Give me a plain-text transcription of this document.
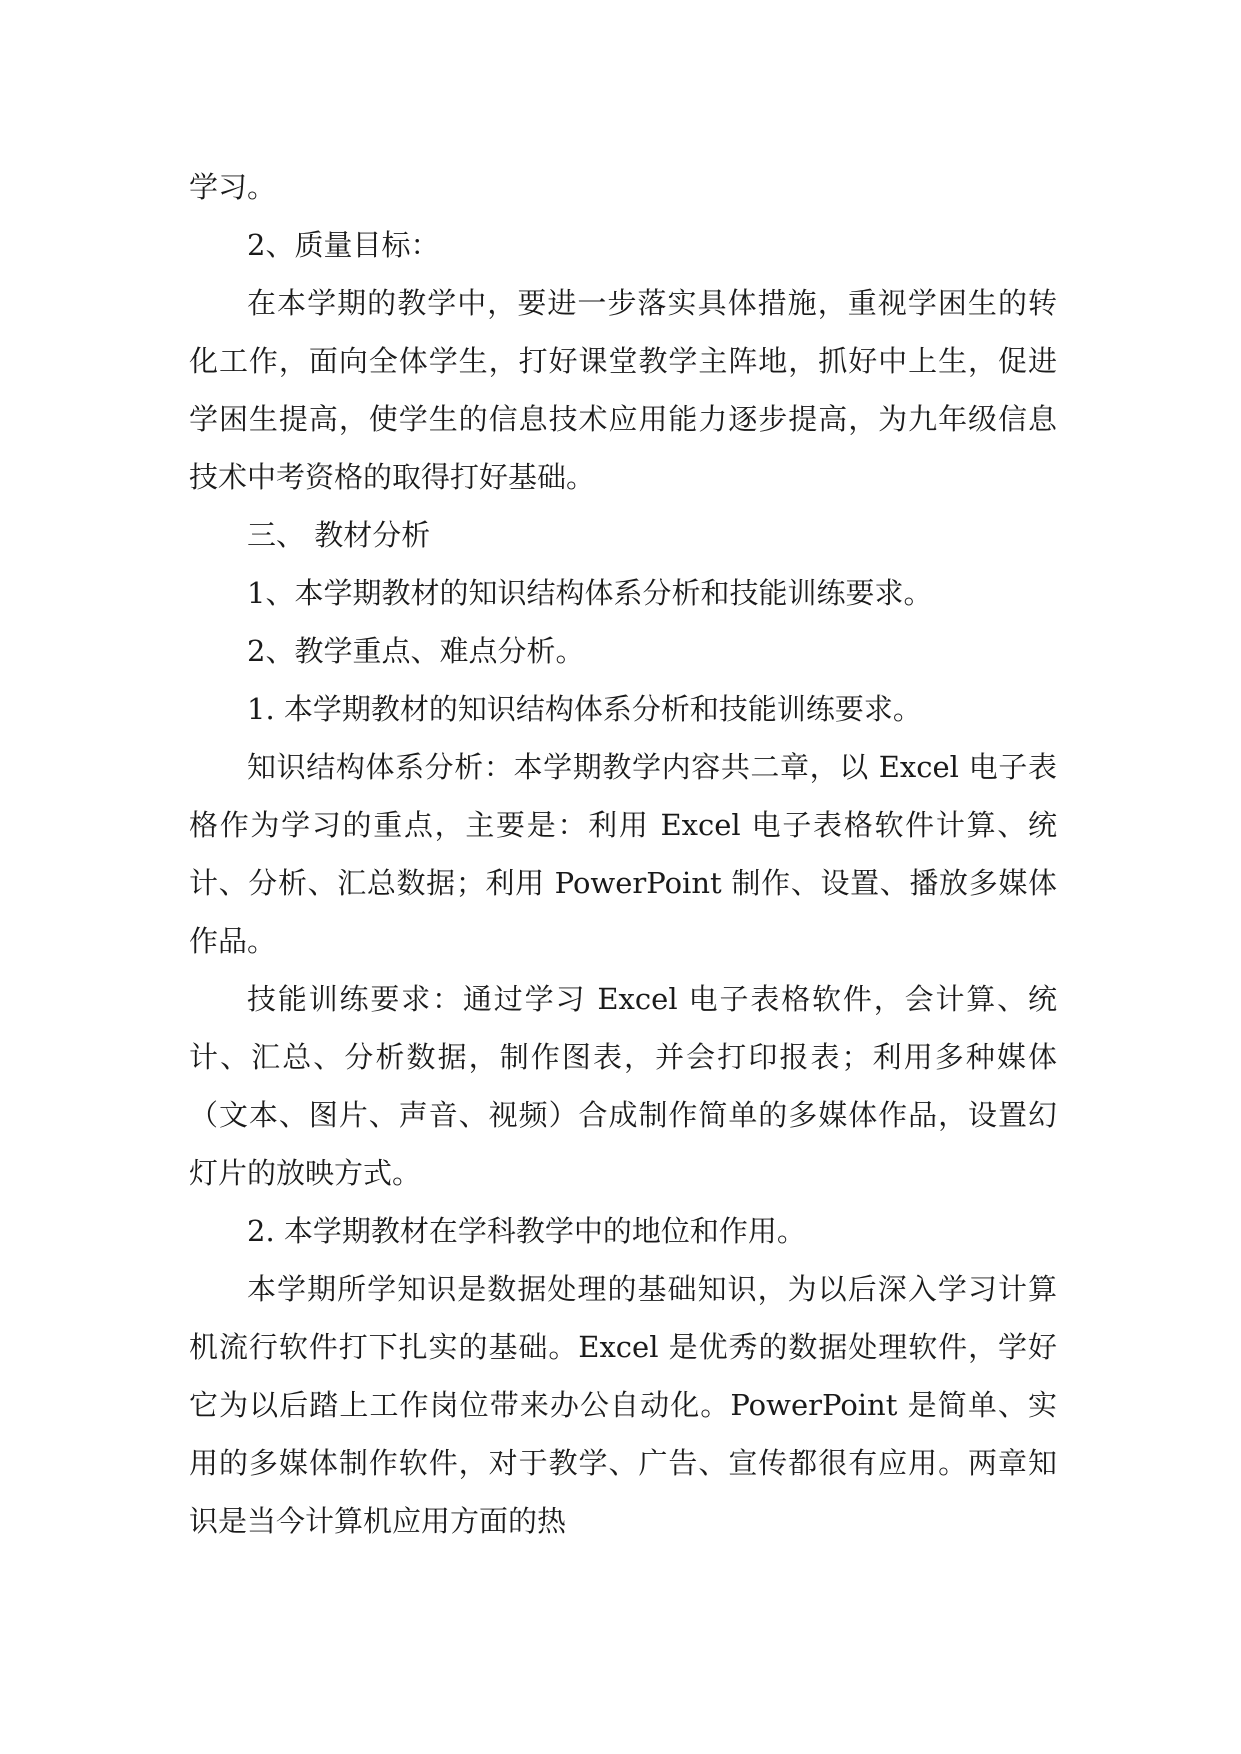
学习。

2、质量目标：

在本学期的教学中，要进一步落实具体措施，重视学困生的转化工作，面向全体学生，打好课堂教学主阵地，抓好中上生，促进学困生提高，使学生的信息技术应用能力逐步提高，为九年级信息技术中考资格的取得打好基础。

三、 教材分析

1、本学期教材的知识结构体系分析和技能训练要求。

2、教学重点、难点分析。

1. 本学期教材的知识结构体系分析和技能训练要求。

知识结构体系分析：本学期教学内容共二章，以 Excel 电子表格作为学习的重点，主要是：利用 Excel 电子表格软件计算、统计、分析、汇总数据；利用 PowerPoint 制作、设置、播放多媒体作品。

技能训练要求：通过学习 Excel 电子表格软件，会计算、统计、汇总、分析数据，制作图表，并会打印报表；利用多种媒体（文本、图片、声音、视频）合成制作简单的多媒体作品，设置幻灯片的放映方式。

2. 本学期教材在学科教学中的地位和作用。

本学期所学知识是数据处理的基础知识，为以后深入学习计算机流行软件打下扎实的基础。Excel 是优秀的数据处理软件，学好它为以后踏上工作岗位带来办公自动化。PowerPoint 是简单、实用的多媒体制作软件，对于教学、广告、宣传都很有应用。两章知识是当今计算机应用方面的热
